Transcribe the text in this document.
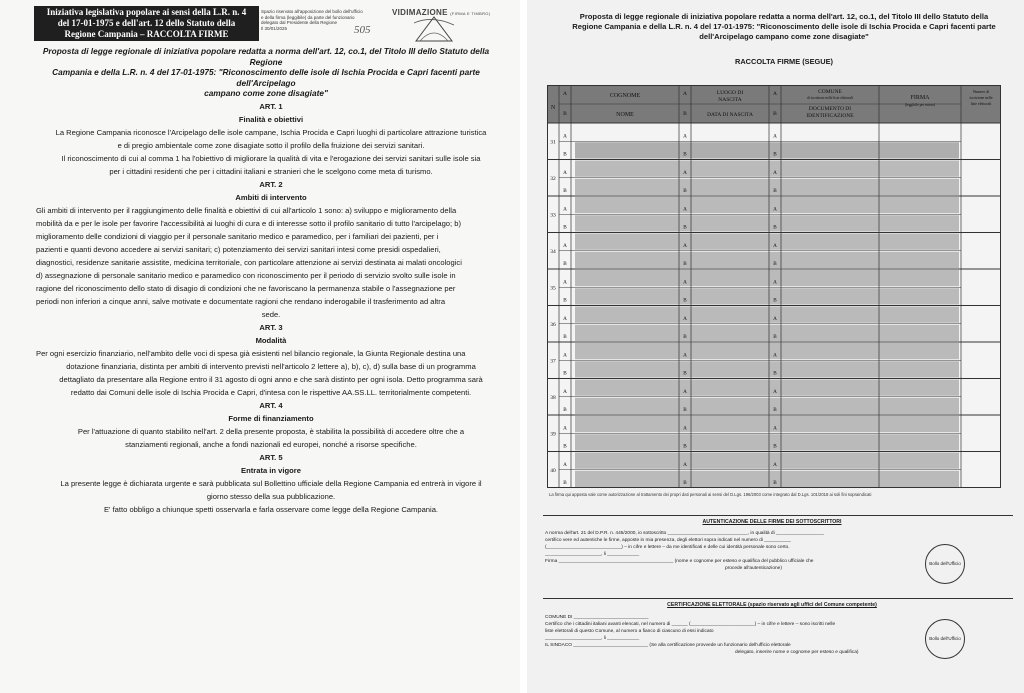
Iniziativa legislativa popolare ai sensi della L.R. n. 4
del 17-01-1975 e dell'art. 12 dello Statuto della
Regione Campania – RACCOLTA FIRME
Spazio riservato all'apposizione del bollo dell'ufficio
e della firma (leggibile) da parte del funzionario
delegato dal Presidente della Regione
Il 30/01/2025
VIDIMAZIONE (FIRMA E TIMBRO)
505
Proposta di legge regionale di iniziativa popolare redatta a norma dell'art. 12, co.1, del Titolo III dello Statuto della Regione
Campania e della L.R. n. 4 del 17-01-1975: "Riconoscimento delle isole di Ischia Procida e Capri facenti parte dell'Arcipelago
campano come zone disagiate"

ART. 1

Finalità e obiettivi

La Regione Campania riconosce l'Arcipelago delle isole campane, Ischia Procida e Capri luoghi di particolare attrazione turistica

e di pregio ambientale come zone disagiate sotto il profilo della fruizione dei servizi sanitari.

Il riconoscimento di cui al comma 1 ha l'obiettivo di migliorare la qualità di vita e l'erogazione dei servizi sanitari sulle isole sia

per i cittadini residenti che per i cittadini italiani e stranieri che le scelgono come meta di turismo.

ART. 2

Ambiti di intervento

Gli ambiti di intervento per il raggiungimento delle finalità e obiettivi di cui all'articolo 1 sono: a) sviluppo e miglioramento della

mobilità da e per le isole per favorire l'accessibilità ai luoghi di cura e di interesse sotto il profilo sanitario di tutto l'arcipelago; b)

miglioramento delle condizioni di viaggio per il personale sanitario medico e paramedico, per i familiari dei pazienti, per i

pazienti e quanti devono accedere ai servizi sanitari; c) potenziamento dei servizi sanitari intesi come presidi ospedalieri,

diagnostici, residenze sanitarie assistite, medicina territoriale, con particolare attenzione ai servizi destinata ai malati oncologici

d) assegnazione di personale sanitario medico e paramedico con riconoscimento per il periodo di servizio svolto sulle isole in

ragione del riconoscimento dello stato di disagio di condizioni che ne favoriscano la permanenza stabile o l'assegnazione per

periodi non inferiori a cinque anni, salve motivate e documentate ragioni che rendano inderogabile il trasferimento ad altra

sede.

ART. 3

Modalità

Per ogni esercizio finanziario, nell'ambito delle voci di spesa già esistenti nel bilancio regionale, la Giunta Regionale destina una

dotazione finanziaria, distinta per ambiti di intervento previsti nell'articolo 2 lettere a), b), c), d) sulla base di un programma

dettagliato da presentare alla Regione entro il 31 agosto di ogni anno e che sarà distinto per ogni isola. Detto programma sarà

redatto dai Comuni delle isole di Ischia Procida e Capri, d'intesa con le rispettive AA.SS.LL. territorialmente competenti.

ART. 4

Forme di finanziamento

Per l'attuazione di quanto stabilito nell'art. 2 della presente proposta, è stabilita la possibilità di accedere oltre che a

stanziamenti regionali, anche a fondi nazionali ed europei, nonché a risorse specifiche.

ART. 5

Entrata in vigore

La presente legge è dichiarata urgente e sarà pubblicata sul Bollettino ufficiale della Regione Campania ed entrerà in vigore il

giorno stesso della sua pubblicazione.

E' fatto obbligo a chiunque spetti osservarla e farla osservare come legge della Regione Campania.

Proposta di legge regionale di iniziativa popolare redatta a norma dell'art. 12, co.1, del Titolo III dello Statuto della
Regione Campania e della L.R. n. 4 del 17-01-1975: "Riconoscimento delle isole di Ischia Procida e Capri facenti parte
dell'Arcipelago campano come zone disagiate"
RACCOLTA FIRME (SEGUE)
N
A
B
COGNOME
NOME
A
B
LUOGO DI
NASCITA
DATA DI NASCITA
A
B
COMUNE
di iscrizione nelle liste elettorali
DOCUMENTO DI
IDENTIFICAZIONE
FIRMA
(leggibile per esteso)
Numero di
iscrizione nelle
liste elettorali
31
A
B
A
B
A
B
32
A
B
A
B
A
B
33
A
B
A
B
A
B
34
A
B
A
B
A
B
35
A
B
A
B
A
B
36
A
B
A
B
A
B
37
A
B
A
B
A
B
38
A
B
A
B
A
B
39
A
B
A
B
A
B
40
A
B
A
B
A
B
La firma qui apposta vale come autorizzazione al trattamento dei propri dati personali ai sensi del D.Lgs. 196/2003 come integrato dal D.Lgs. 101/2018 ai soli fini sopraindicati
AUTENTICAZIONE DELLE FIRME DEI SOTTOSCRITTORI
A norma dell'art. 21 del D.P.R. n. 445/2000, io sottoscritto ______________________________, in qualità di __________________
certifico vere ed autentiche le firme, apposte in mia presenza, degli elettori sopra indicati nel numero di __________
(____________________________) – in cifre e lettere – da me identificati e delle cui identità personale sono certo.
_____________________, li ____________
Firma ___________________________________________ (nome e cognome per esteso e qualifica del pubblico ufficiale che
procede all'autenticazione)
Bollo dell'Ufficio
CERTIFICAZIONE ELETTORALE (spazio riservato agli uffici del Comune competente)
COMUNE DI ____________________________
Certifico che i cittadini italiani avanti elencati, nel numero di ______ (________________________) – in cifre e lettere – sono iscritti nelle
liste elettorali di questo Comune, al numero a fianco di ciascuno di essi indicato
_____________________, li ____________
IL SINDACO ____________________________ (Se alla certificazione provvede un funzionario dell'ufficio elettorale
delegato, inserire nome e cognome per esteso e qualifica)
Bollo dell'Ufficio
